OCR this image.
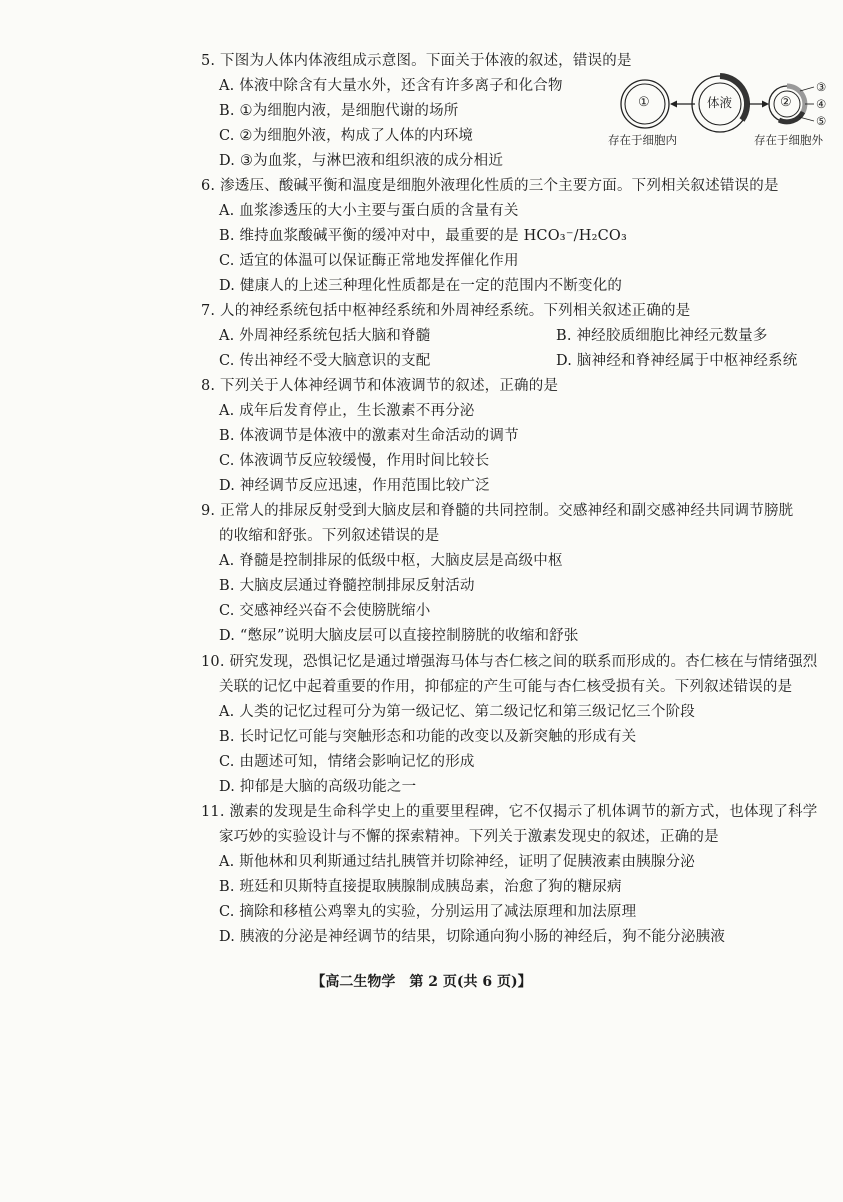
5. 下图为人体内体液组成示意图。下面关于体液的叙述，错误的是
A. 体液中除含有大量水外，还含有许多离子和化合物
B. ①为细胞内液，是细胞代谢的场所
C. ②为细胞外液，构成了人体的内环境
D. ③为血浆，与淋巴液和组织液的成分相近
①	体液	②
③
④
⑤
存在于细胞内	存在于细胞外
6. 渗透压、酸碱平衡和温度是细胞外液理化性质的三个主要方面。下列相关叙述错误的是
A. 血浆渗透压的大小主要与蛋白质的含量有关
B. 维持血浆酸碱平衡的缓冲对中，最重要的是 HCO₃⁻/H₂CO₃
C. 适宜的体温可以保证酶正常地发挥催化作用
D. 健康人的上述三种理化性质都是在一定的范围内不断变化的
7. 人的神经系统包括中枢神经系统和外周神经系统。下列相关叙述正确的是
A. 外周神经系统包括大脑和脊髓	B. 神经胶质细胞比神经元数量多
C. 传出神经不受大脑意识的支配	D. 脑神经和脊神经属于中枢神经系统
8. 下列关于人体神经调节和体液调节的叙述，正确的是
A. 成年后发育停止，生长激素不再分泌
B. 体液调节是体液中的激素对生命活动的调节
C. 体液调节反应较缓慢，作用时间比较长
D. 神经调节反应迅速，作用范围比较广泛
9. 正常人的排尿反射受到大脑皮层和脊髓的共同控制。交感神经和副交感神经共同调节膀胱
的收缩和舒张。下列叙述错误的是
A. 脊髓是控制排尿的低级中枢，大脑皮层是高级中枢
B. 大脑皮层通过脊髓控制排尿反射活动
C. 交感神经兴奋不会使膀胱缩小
D. “憋尿”说明大脑皮层可以直接控制膀胱的收缩和舒张
10. 研究发现，恐惧记忆是通过增强海马体与杏仁核之间的联系而形成的。杏仁核在与情绪强烈
关联的记忆中起着重要的作用，抑郁症的产生可能与杏仁核受损有关。下列叙述错误的是
A. 人类的记忆过程可分为第一级记忆、第二级记忆和第三级记忆三个阶段
B. 长时记忆可能与突触形态和功能的改变以及新突触的形成有关
C. 由题述可知，情绪会影响记忆的形成
D. 抑郁是大脑的高级功能之一
11. 激素的发现是生命科学史上的重要里程碑，它不仅揭示了机体调节的新方式，也体现了科学
家巧妙的实验设计与不懈的探索精神。下列关于激素发现史的叙述，正确的是
A. 斯他林和贝利斯通过结扎胰管并切除神经，证明了促胰液素由胰腺分泌
B. 班廷和贝斯特直接提取胰腺制成胰岛素，治愈了狗的糖尿病
C. 摘除和移植公鸡睾丸的实验，分别运用了减法原理和加法原理
D. 胰液的分泌是神经调节的结果，切除通向狗小肠的神经后，狗不能分泌胰液
【高二生物学　第 2 页(共 6 页)】
